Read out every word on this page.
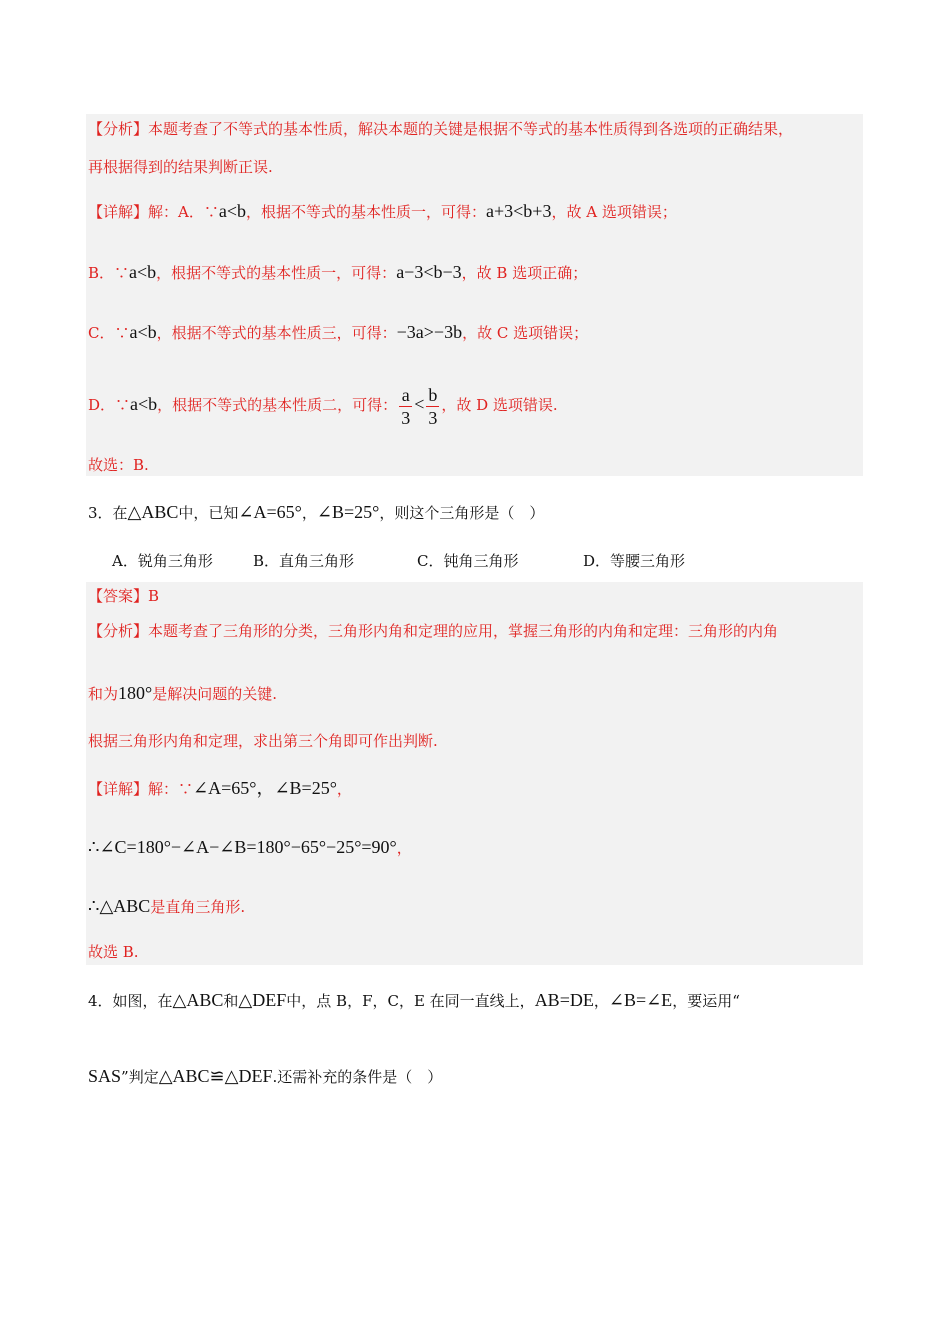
【分析】本题考查了不等式的基本性质，解决本题的关键是根据不等式的基本性质得到各选项的正确结果，
再根据得到的结果判断正误.
【详解】解：A．∵a<b，根据不等式的基本性质一，可得：a+3<b+3，故 A 选项错误；
B．∵a<b，根据不等式的基本性质一，可得：a−3<b−3，故 B 选项正确；
C．∵a<b，根据不等式的基本性质三，可得：−3a>−3b，故 C 选项错误；
D．∵a<b，根据不等式的基本性质二，可得： $\frac{a}{3} < \frac{b}{3}$ ，故 D 选项错误.
故选：B.
3．在△ABC中，已知∠A=65°，∠B=25°，则这个三角形是（　）
A．锐角三角形	B．直角三角形	C．钝角三角形	D．等腰三角形
【答案】B
【分析】本题考查了三角形的分类，三角形内角和定理的应用，掌握三角形的内角和定理：三角形的内角
和为180°是解决问题的关键.
根据三角形内角和定理，求出第三个角即可作出判断.
【详解】解：∵∠A=65°，∠B=25°，
∴∠C=180°−∠A−∠B=180°−65°−25°=90°，
∴△ABC是直角三角形.
故选 B.
4．如图，在△ABC和△DEF中，点 B，F，C，E 在同一直线上，AB=DE，∠B=∠E，要运用“
SAS”判定△ABC≌△DEF.还需补充的条件是（　）
